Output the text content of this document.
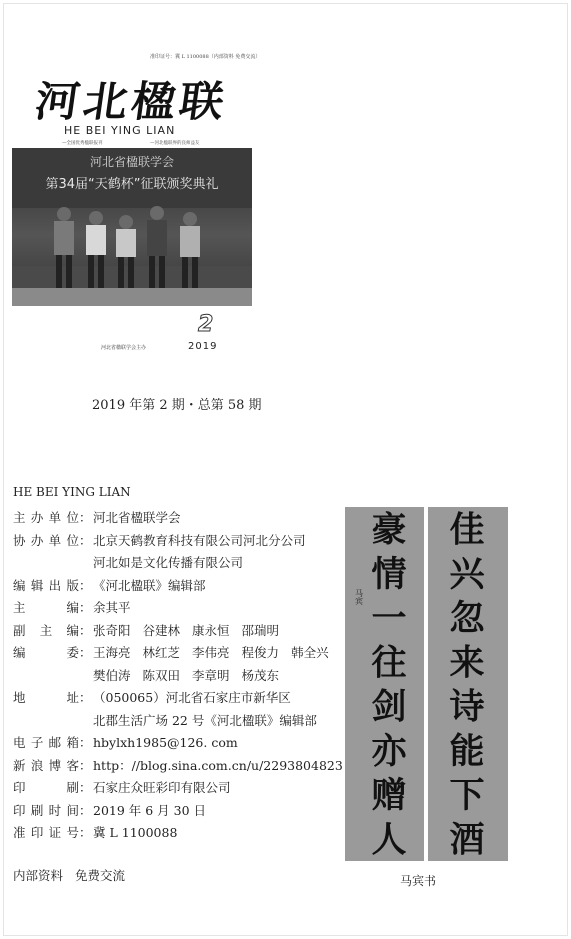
准印证号：冀 L 1100088（内部资料 免费交流）
河北楹联
HE BEI YING LIAN
—全国优秀楹联报刊	—河北楹联界的良师益友
河北省楹联学会
第34届“天鹤杯”征联颁奖典礼
2
2019
河北省楹联学会主办
2019 年第 2 期・总第 58 期
HE BEI YING LIAN
主办单位 ： 河北省楹联学会
协办单位 ： 北京天鹤教育科技有限公司河北分公司
河北如是文化传播有限公司
编辑出版 ： 《河北楹联》编辑部
主编 ： 余其平
副主编 ： 张奇阳 谷建林 康永恒 邵瑞明
编委 ： 王海亮 林红芝 李伟亮 程俊力 韩全兴
樊伯涛 陈双田 李章明 杨茂东
地址 ： （050065）河北省石家庄市新华区
北郡生活广场 22 号《河北楹联》编辑部
电子邮箱 ： hbylxh1985@126. com
新浪博客 ： http：//blog.sina.com.cn/u/2293804823
印刷 ： 石家庄众旺彩印有限公司
印刷时间 ： 2019 年 6 月 30 日
准印证号 ： 冀 L 1100088
内部资料 免费交流
佳
兴
忽
来
诗
能
下
酒
豪
情
一
往
剑
亦
赠
人
马宾
马宾书
